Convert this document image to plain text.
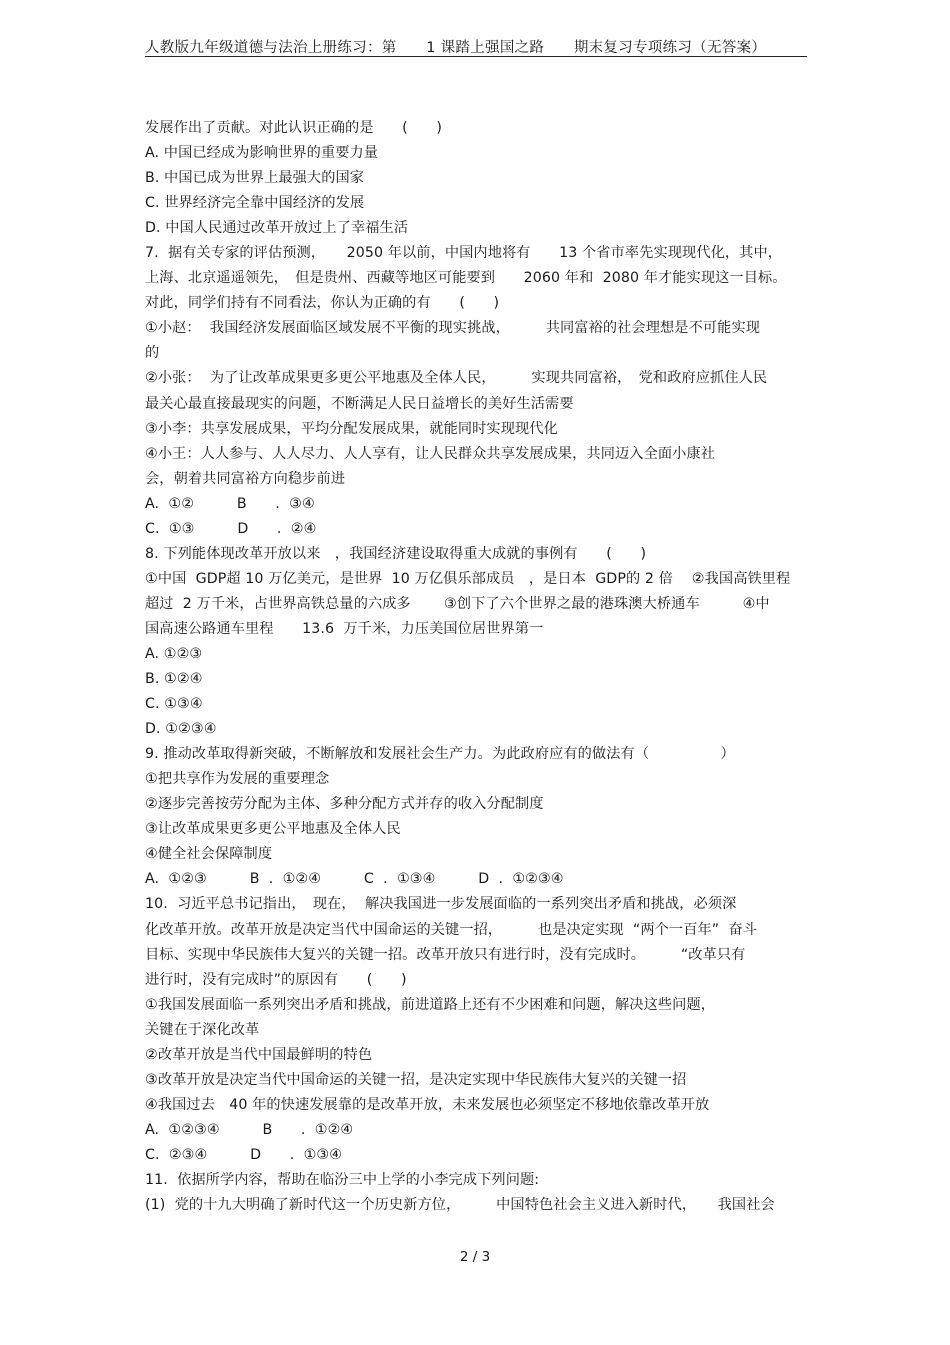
人教版九年级道德与法治上册练习：第　　1 课踏上强国之路　　期末复习专项练习（无答案）
发展作出了贡献。对此认识正确的是　　(　　)
A. 中国已经成为影响世界的重要力量
B. 中国已成为世界上最强大的国家
C. 世界经济完全靠中国经济的发展
D. 中国人民通过改革开放过上了幸福生活
7.  据有关专家的评估预测，　　2050 年以前，中国内地将有　　13 个省市率先实现现代化，其中，
上海、北京遥遥领先，　但是贵州、西藏等地区可能要到　　2060 年和  2080 年才能实现这一目标。
对此，同学们持有不同看法，你认为正确的有　　(　　)
①小赵：  我国经济发展面临区域发展不平衡的现实挑战，　　　共同富裕的社会理想是不可能实现
的
②小张：  为了让改革成果更多更公平地惠及全体人民，　　　实现共同富裕，　党和政府应抓住人民
最关心最直接最现实的问题，不断满足人民日益增长的美好生活需要
③小李：共享发展成果，平均分配发展成果，就能同时实现现代化
④小王：人人参与、人人尽力、人人享有，让人民群众共享发展成果，共同迈入全面小康社
会，朝着共同富裕方向稳步前进
A.  ①②　　　B　　.  ③④
C.  ①③　　　D　　.  ②④
8. 下列能体现改革开放以来　，我国经济建设取得重大成就的事例有　　(　　)
①中国  GDP超 10 万亿美元，是世界  10 万亿俱乐部成员　，是日本  GDP的 2 倍　 ②我国高铁里程
超过  2 万千米，占世界高铁总量的六成多　　 ③创下了六个世界之最的港珠澳大桥通车　　　④中
国高速公路通车里程　　13.6  万千米，力压美国位居世界第一
A. ①②③
B. ①②④
C. ①③④
D. ①②③④
9. 推动改革取得新突破，不断解放和发展社会生产力。为此政府应有的做法有（　　　　　）
①把共享作为发展的重要理念
②逐步完善按劳分配为主体、多种分配方式并存的收入分配制度
③让改革成果更多更公平地惠及全体人民
④健全社会保障制度
A.  ①②③　　　B  .  ①②④　　　C  .  ①③④　　　D  .  ①②③④
10.  习近平总书记指出，　现在，  解决我国进一步发展面临的一系列突出矛盾和挑战，必须深
化改革开放。改革开放是决定当代中国命运的关键一招，　　　也是决定实现  “两个一百年”  奋斗
目标、实现中华民族伟大复兴的关键一招。改革开放只有进行时，没有完成时。　　　“改革只有
进行时，没有完成时”的原因有　　(　　)
①我国发展面临一系列突出矛盾和挑战，前进道路上还有不少困难和问题，解决这些问题，
关键在于深化改革
②改革开放是当代中国最鲜明的特色
③改革开放是决定当代中国命运的关键一招，是决定实现中华民族伟大复兴的关键一招
④我国过去　40 年的快速发展靠的是改革开放，未来发展也必须坚定不移地依靠改革开放
A.  ①②③④　　　B　　.  ①②④
C.  ②③④　　　D　　.  ①③④
11.  依据所学内容，帮助在临汾三中上学的小李完成下列问题:
(1)  党的十九大明确了新时代这一个历史新方位，　　　中国特色社会主义进入新时代，　　我国社会
2 / 3
